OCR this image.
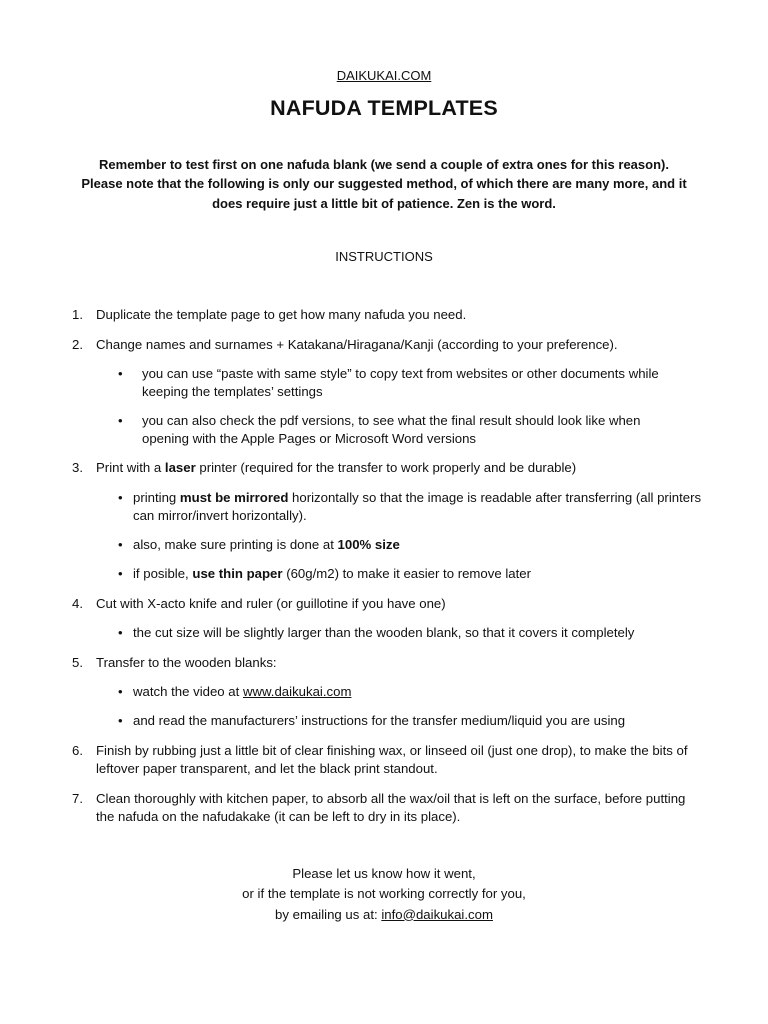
DAIKUKAI.COM
NAFUDA TEMPLATES
Remember to test first on one nafuda blank (we send a couple of extra ones for this reason). Please note that the following is only our suggested method, of which there are many more, and it does require just a little bit of patience. Zen is the word.
INSTRUCTIONS
1. Duplicate the template page to get how many nafuda you need.
2. Change names and surnames + Katakana/Hiragana/Kanji (according to your preference).
• you can use “paste with same style” to copy text from websites or other documents while keeping the templates’ settings
• you can also check the pdf versions, to see what the final result should look like when opening with the Apple Pages or Microsoft Word versions
3. Print with a laser printer (required for the transfer to work properly and be durable)
• printing must be mirrored horizontally so that the image is readable after transferring (all printers can mirror/invert horizontally).
• also, make sure printing is done at 100% size
• if posible, use thin paper (60g/m2) to make it easier to remove later
4. Cut with X-acto knife and ruler (or guillotine if you have one)
• the cut size will be slightly larger than the wooden blank, so that it covers it completely
5. Transfer to the wooden blanks:
• watch the video at www.daikukai.com
• and read the manufacturers’ instructions for the transfer medium/liquid you are using
6. Finish by rubbing just a little bit of clear finishing wax, or linseed oil (just one drop), to make the bits of leftover paper transparent, and let the black print standout.
7. Clean thoroughly with kitchen paper, to absorb all the wax/oil that is left on the surface, before putting the nafuda on the nafudakake (it can be left to dry in its place).
Please let us know how it went,
or if the template is not working correctly for you,
by emailing us at: info@daikukai.com
